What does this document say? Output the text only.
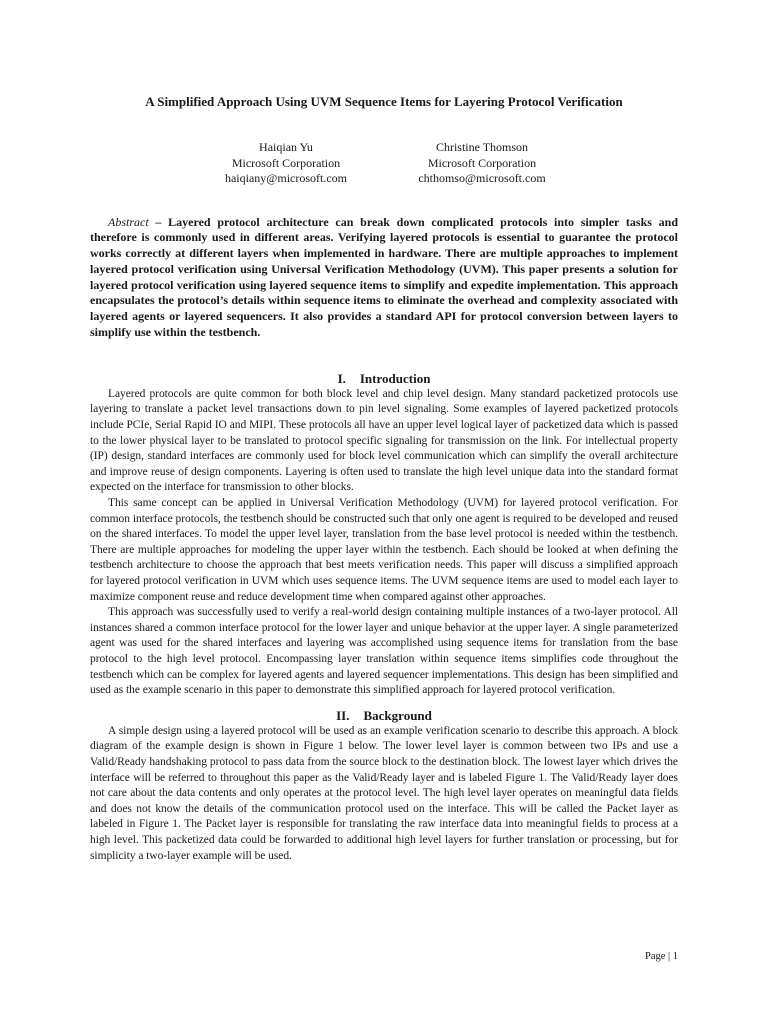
A Simplified Approach Using UVM Sequence Items for Layering Protocol Verification
Haiqian Yu
Microsoft Corporation
haiqiany@microsoft.com
Christine Thomson
Microsoft Corporation
chthomso@microsoft.com

Abstract – Layered protocol architecture can break down complicated protocols into simpler tasks and therefore is commonly used in different areas. Verifying layered protocols is essential to guarantee the protocol works correctly at different layers when implemented in hardware. There are multiple approaches to implement layered protocol verification using Universal Verification Methodology (UVM). This paper presents a solution for layered protocol verification using layered sequence items to simplify and expedite implementation. This approach encapsulates the protocol’s details within sequence items to eliminate the overhead and complexity associated with layered agents or layered sequencers. It also provides a standard API for protocol conversion between layers to simplify use within the testbench.

I. Introduction

Layered protocols are quite common for both block level and chip level design. Many standard packetized protocols use layering to translate a packet level transactions down to pin level signaling. Some examples of layered packetized protocols include PCIe, Serial Rapid IO and MIPI. These protocols all have an upper level logical layer of packetized data which is passed to the lower physical layer to be translated to protocol specific signaling for transmission on the link. For intellectual property (IP) design, standard interfaces are commonly used for block level communication which can simplify the overall architecture and improve reuse of design components. Layering is often used to translate the high level unique data into the standard format expected on the interface for transmission to other blocks.

This same concept can be applied in Universal Verification Methodology (UVM) for layered protocol verification. For common interface protocols, the testbench should be constructed such that only one agent is required to be developed and reused on the shared interfaces. To model the upper level layer, translation from the base level protocol is needed within the testbench. There are multiple approaches for modeling the upper layer within the testbench. Each should be looked at when defining the testbench architecture to choose the approach that best meets verification needs. This paper will discuss a simplified approach for layered protocol verification in UVM which uses sequence items. The UVM sequence items are used to model each layer to maximize component reuse and reduce development time when compared against other approaches.

This approach was successfully used to verify a real-world design containing multiple instances of a two-layer protocol. All instances shared a common interface protocol for the lower layer and unique behavior at the upper layer. A single parameterized agent was used for the shared interfaces and layering was accomplished using sequence items for translation from the base protocol to the high level protocol. Encompassing layer translation within sequence items simplifies code throughout the testbench which can be complex for layered agents and layered sequencer implementations. This design has been simplified and used as the example scenario in this paper to demonstrate this simplified approach for layered protocol verification.

II. Background

A simple design using a layered protocol will be used as an example verification scenario to describe this approach. A block diagram of the example design is shown in Figure 1 below. The lower level layer is common between two IPs and use a Valid/Ready handshaking protocol to pass data from the source block to the destination block. The lowest layer which drives the interface will be referred to throughout this paper as the Valid/Ready layer and is labeled Figure 1. The Valid/Ready layer does not care about the data contents and only operates at the protocol level. The high level layer operates on meaningful data fields and does not know the details of the communication protocol used on the interface. This will be called the Packet layer as labeled in Figure 1. The Packet layer is responsible for translating the raw interface data into meaningful fields to process at a high level. This packetized data could be forwarded to additional high level layers for further translation or processing, but for simplicity a two-layer example will be used.

Page | 1
